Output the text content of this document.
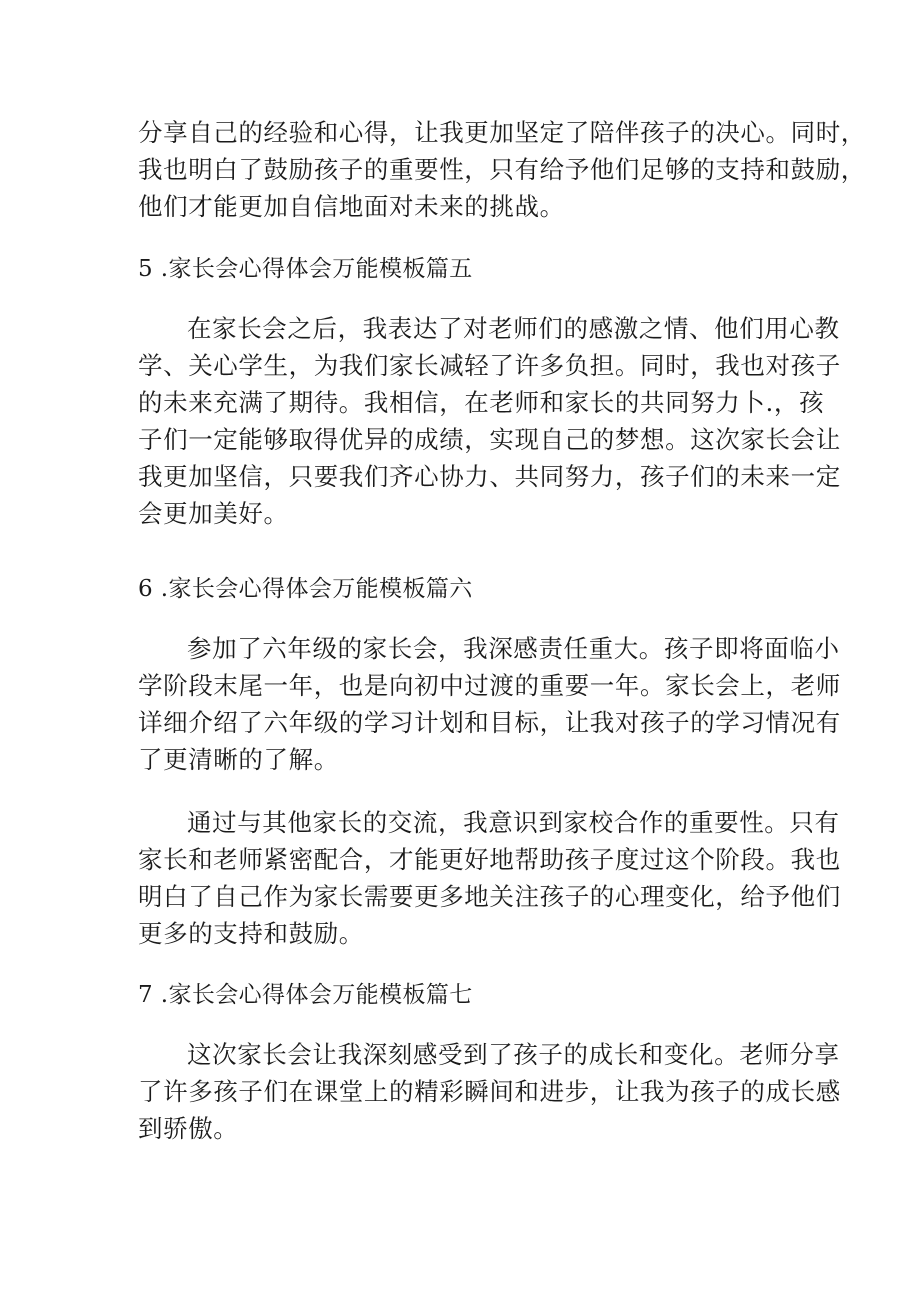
分享自己的经验和心得，让我更加坚定了陪伴孩子的决心。同时，
我也明白了鼓励孩子的重要性，只有给予他们足够的支持和鼓励，
他们才能更加自信地面对未来的挑战。
5 .家长会心得体会万能模板篇五
在家长会之后，我表达了对老师们的感激之情、他们用心教
学、关心学生，为我们家长减轻了许多负担。同时，我也对孩子
的未来充满了期待。我相信，在老师和家长的共同努力卜.，孩
子们一定能够取得优异的成绩，实现自己的梦想。这次家长会让
我更加坚信，只要我们齐心协力、共同努力，孩子们的未来一定
会更加美好。
6 .家长会心得体会万能模板篇六
参加了六年级的家长会，我深感责任重大。孩子即将面临小
学阶段末尾一年，也是向初中过渡的重要一年。家长会上，老师
详细介绍了六年级的学习计划和目标，让我对孩子的学习情况有
了更清晰的了解。
通过与其他家长的交流，我意识到家校合作的重要性。只有
家长和老师紧密配合，才能更好地帮助孩子度过这个阶段。我也
明白了自己作为家长需要更多地关注孩子的心理变化，给予他们
更多的支持和鼓励。
7 .家长会心得体会万能模板篇七
这次家长会让我深刻感受到了孩子的成长和变化。老师分享
了许多孩子们在课堂上的精彩瞬间和进步，让我为孩子的成长感
到骄傲。
